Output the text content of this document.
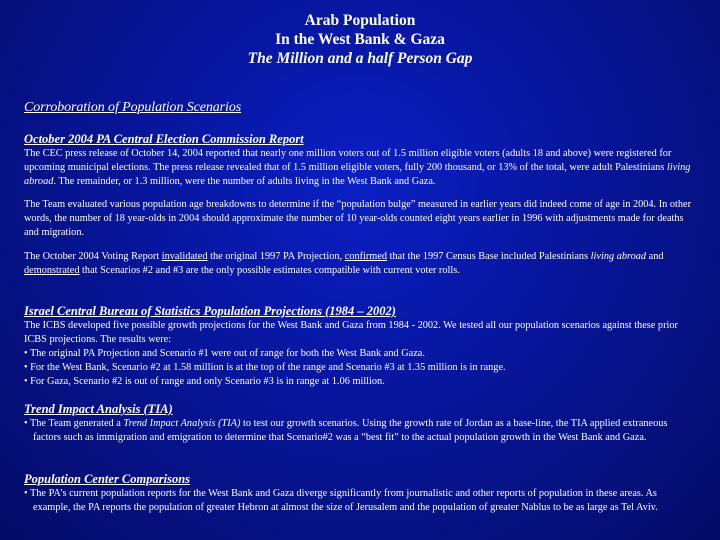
Arab Population
In the West Bank & Gaza
The Million and a half Person Gap
Corroboration of Population Scenarios
October 2004 PA Central Election Commission Report

The CEC press release of October 14, 2004 reported that nearly one million voters out of 1.5 million eligible voters (adults 18 and above) were registered for upcoming municipal elections. The press release revealed that of 1.5 million eligible voters, fully 200 thousand, or 13% of the total, were adult Palestinians living abroad. The remainder, or 1.3 million, were the number of adults living in the West Bank and Gaza.

The Team evaluated various population age breakdowns to determine if the “population bulge” measured in earlier years did indeed come of age in 2004. In other words, the number of 18 year-olds in 2004 should approximate the number of 10 year-olds counted eight years earlier in 1996 with adjustments made for deaths and migration.

The October 2004 Voting Report invalidated the original 1997 PA Projection, confirmed that the 1997 Census Base included Palestinians living abroad and demonstrated that Scenarios #2 and #3 are the only possible estimates compatible with current voter rolls.

Israel Central Bureau of Statistics Population Projections (1984 – 2002)

The ICBS developed five possible growth projections for the West Bank and Gaza from 1984 - 2002. We tested all our population scenarios against these prior ICBS projections. The results were:

• The original PA Projection and Scenario #1 were out of range for both the West Bank and Gaza.
• For the West Bank, Scenario #2 at 1.58 million is at the top of the range and Scenario #3 at 1.35 million is in range.
• For Gaza, Scenario #2 is out of range and only Scenario #3 is in range at 1.06 million.
Trend Impact Analysis (TIA)

• The Team generated a Trend Impact Analysis (TIA) to test our growth scenarios. Using the growth rate of Jordan as a base-line, the TIA applied extraneous factors such as immigration and emigration to determine that Scenario#2 was a “best fit” to the actual population growth in the West Bank and Gaza.

Population Center Comparisons

• The PA’s current population reports for the West Bank and Gaza diverge significantly from journalistic and other reports of population in these areas. As example, the PA reports the population of greater Hebron at almost the size of Jerusalem and the population of greater Nablus to be as large as Tel Aviv.
